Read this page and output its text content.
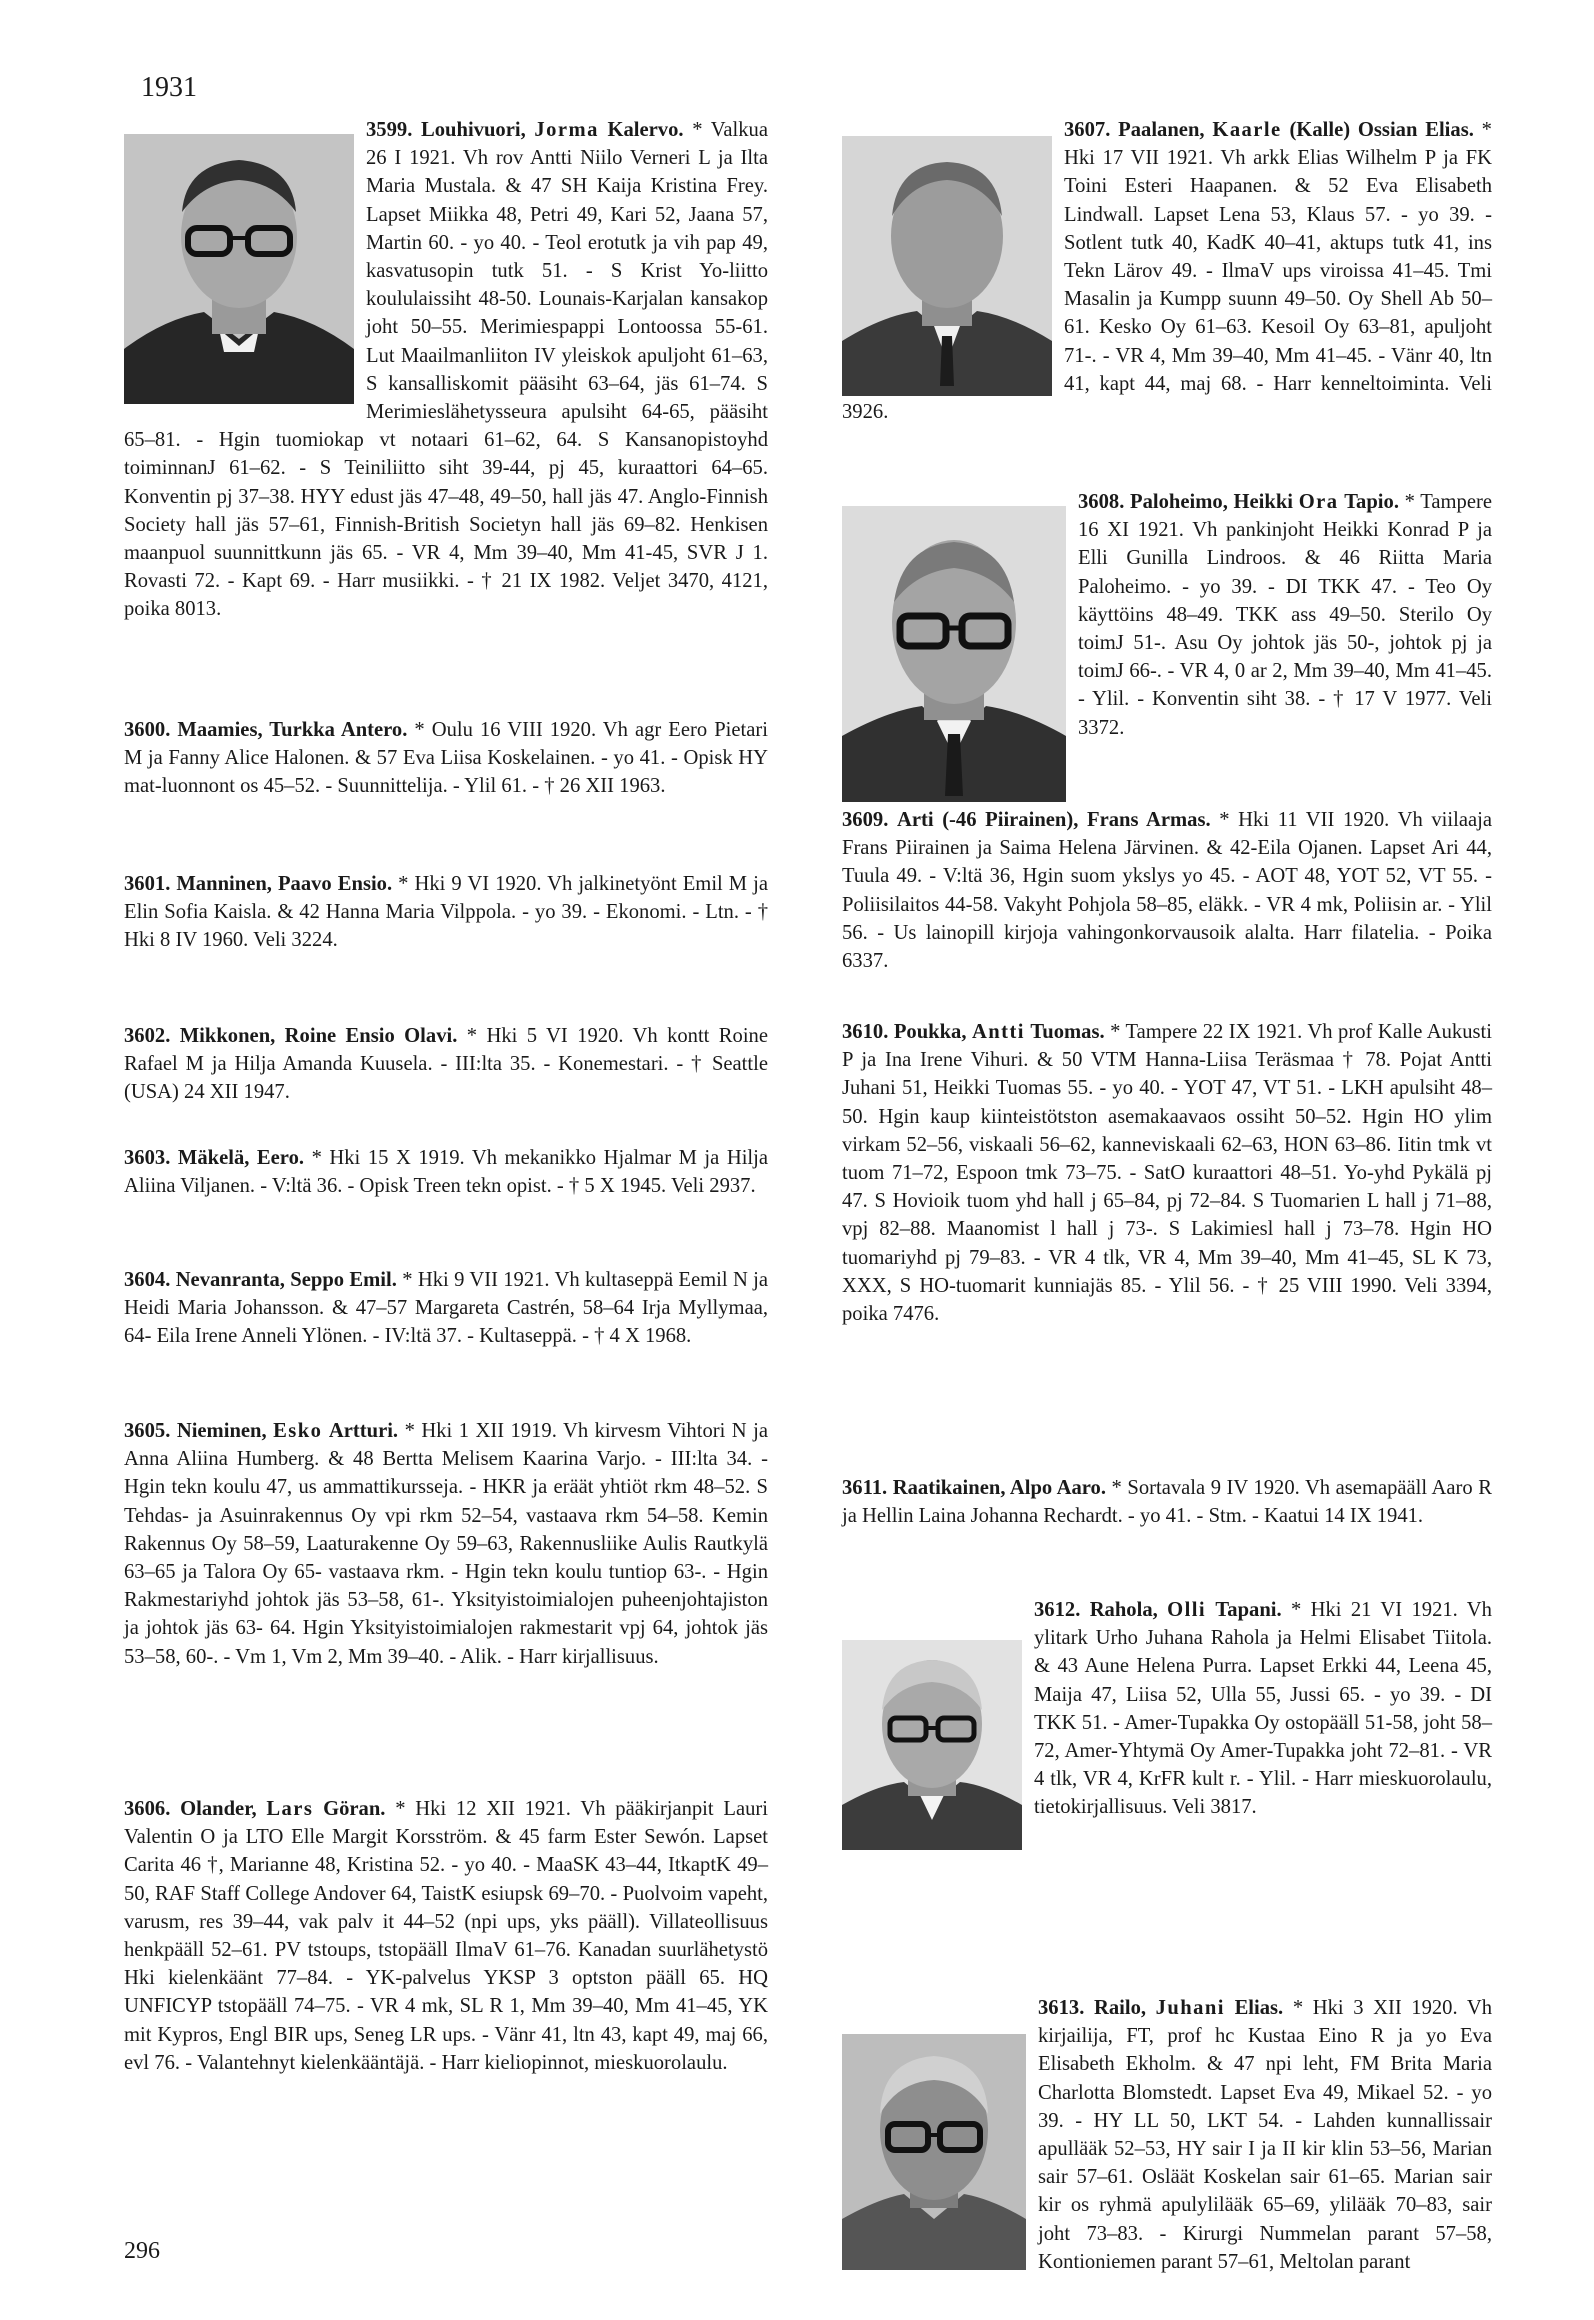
1931
3599. Louhivuori, Jorma Kalervo. * Valkua 26 I 1921. Vh rov Antti Niilo Verneri L ja Ilta Maria Mustala. & 47 SH Kaija Kristina Frey. Lapset Miikka 48, Petri 49, Kari 52, Jaana 57, Martin 60. - yo 40. - Teol erotutk ja vih pap 49, kasvatusopin tutk 51. - S Krist Yo-liitto koululaissiht 48-50. Lounais-Karjalan kansakop joht 50–55. Merimiespappi Lontoossa 55-61. Lut Maailmanliiton IV yleiskok apuljoht 61–63, S kansalliskomit pääsiht 63–64, jäs 61–74. S Merimieslähetysseura apulsiht 64-65, pääsiht 65–81. - Hgin tuomiokap vt notaari 61–62, 64. S Kansanopistoyhd toiminnanJ 61–62. - S Teiniliitto siht 39-44, pj 45, kuraattori 64–65. Konventin pj 37–38. HYY edust jäs 47–48, 49–50, hall jäs 47. Anglo-Finnish Society hall jäs 57–61, Finnish-British Societyn hall jäs 69–82. Henkisen maanpuol suunnittkunn jäs 65. - VR 4, Mm 39–40, Mm 41-45, SVR J 1. Rovasti 72. - Kapt 69. - Harr musiikki. - † 21 IX 1982. Veljet 3470, 4121, poika 8013.
3600. Maamies, Turkka Antero. * Oulu 16 VIII 1920. Vh agr Eero Pietari M ja Fanny Alice Halonen. & 57 Eva Liisa Koskelainen. - yo 41. - Opisk HY mat-luonnont os 45–52. - Suunnittelija. - Ylil 61. - † 26 XII 1963.
3601. Manninen, Paavo Ensio. * Hki 9 VI 1920. Vh jalkinetyönt Emil M ja Elin Sofia Kaisla. & 42 Hanna Maria Vilppola. - yo 39. - Ekonomi. - Ltn. - † Hki 8 IV 1960. Veli 3224.
3602. Mikkonen, Roine Ensio Olavi. * Hki 5 VI 1920. Vh kontt Roine Rafael M ja Hilja Amanda Kuusela. - III:lta 35. - Konemestari. - † Seattle (USA) 24 XII 1947.
3603. Mäkelä, Eero. * Hki 15 X 1919. Vh mekanikko Hjalmar M ja Hilja Aliina Viljanen. - V:ltä 36. - Opisk Treen tekn opist. - † 5 X 1945. Veli 2937.
3604. Nevanranta, Seppo Emil. * Hki 9 VII 1921. Vh kultaseppä Eemil N ja Heidi Maria Johansson. & 47–57 Margareta Castrén, 58–64 Irja Myllymaa, 64- Eila Irene Anneli Ylönen. - IV:ltä 37. - Kultaseppä. - † 4 X 1968.
3605. Nieminen, Esko Artturi. * Hki 1 XII 1919. Vh kirvesm Vihtori N ja Anna Aliina Humberg. & 48 Bertta Melisem Kaarina Varjo. - III:lta 34. - Hgin tekn koulu 47, us ammattikursseja. - HKR ja eräät yhtiöt rkm 48–52. S Tehdas- ja Asuinrakennus Oy vpi rkm 52–54, vastaava rkm 54–58. Kemin Rakennus Oy 58–59, Laaturakenne Oy 59–63, Rakennusliike Aulis Rautkylä 63–65 ja Talora Oy 65- vastaava rkm. - Hgin tekn koulu tuntiop 63-. - Hgin Rakmestariyhd johtok jäs 53–58, 61-. Yksityistoimialojen puheenjohtajiston ja johtok jäs 63- 64. Hgin Yksityistoimialojen rakmestarit vpj 64, johtok jäs 53–58, 60-. - Vm 1, Vm 2, Mm 39–40. - Alik. - Harr kirjallisuus.
3606. Olander, Lars Göran. * Hki 12 XII 1921. Vh pääkirjanpit Lauri Valentin O ja LTO Elle Margit Korsström. & 45 farm Ester Sewón. Lapset Carita 46 †, Marianne 48, Kristina 52. - yo 40. - MaaSK 43–44, ItkaptK 49–50, RAF Staff College Andover 64, TaistK esiupsk 69–70. - Puolvoim vapeht, varusm, res 39–44, vak palv it 44–52 (npi ups, yks pääll). Villateollisuus henkpääll 52–61. PV tstoups, tstopääll IlmaV 61–76. Kanadan suurlähetystö Hki kielenkäänt 77–84. - YK-palvelus YKSP 3 optston pääll 65. HQ UNFICYP tstopääll 74–75. - VR 4 mk, SL R 1, Mm 39–40, Mm 41–45, YK mit Kypros, Engl BIR ups, Seneg LR ups. - Vänr 41, ltn 43, kapt 49, maj 66, evl 76. - Valantehnyt kielenkääntäjä. - Harr kieliopinnot, mieskuorolaulu.
3607. Paalanen, Kaarle (Kalle) Ossian Elias. * Hki 17 VII 1921. Vh arkk Elias Wilhelm P ja FK Toini Esteri Haapanen. & 52 Eva Elisabeth Lindwall. Lapset Lena 53, Klaus 57. - yo 39. - Sotlent tutk 40, KadK 40–41, aktups tutk 41, ins Tekn Lärov 49. - IlmaV ups viroissa 41–45. Tmi Masalin ja Kumpp suunn 49–50. Oy Shell Ab 50–61. Kesko Oy 61–63. Kesoil Oy 63–81, apuljoht 71-. - VR 4, Mm 39–40, Mm 41–45. - Vänr 40, ltn 41, kapt 44, maj 68. - Harr kenneltoiminta. Veli 3926.
3608. Paloheimo, Heikki Ora Tapio. * Tampere 16 XI 1921. Vh pankinjoht Heikki Konrad P ja Elli Gunilla Lindroos. & 46 Riitta Maria Paloheimo. - yo 39. - DI TKK 47. - Teo Oy käyttöins 48–49. TKK ass 49–50. Sterilo Oy toimJ 51-. Asu Oy johtok jäs 50-, johtok pj ja toimJ 66-. - VR 4, 0 ar 2, Mm 39–40, Mm 41–45. - Ylil. - Konventin siht 38. - † 17 V 1977. Veli 3372.
3609. Arti (-46 Piirainen), Frans Armas. * Hki 11 VII 1920. Vh viilaaja Frans Piirainen ja Saima Helena Järvinen. & 42-Eila Ojanen. Lapset Ari 44, Tuula 49. - V:ltä 36, Hgin suom ykslys yo 45. - AOT 48, YOT 52, VT 55. - Poliisilaitos 44-58. Vakyht Pohjola 58–85, eläkk. - VR 4 mk, Poliisin ar. - Ylil 56. - Us lainopill kirjoja vahingonkorvausoik alalta. Harr filatelia. - Poika 6337.
3610. Poukka, Antti Tuomas. * Tampere 22 IX 1921. Vh prof Kalle Aukusti P ja Ina Irene Vihuri. & 50 VTM Hanna-Liisa Teräsmaa † 78. Pojat Antti Juhani 51, Heikki Tuomas 55. - yo 40. - YOT 47, VT 51. - LKH apulsiht 48–50. Hgin kaup kiinteistötston asemakaavaos ossiht 50–52. Hgin HO ylim virkam 52–56, viskaali 56–62, kanneviskaali 62–63, HON 63–86. Iitin tmk vt tuom 71–72, Espoon tmk 73–75. - SatO kuraattori 48–51. Yo-yhd Pykälä pj 47. S Hovioik tuom yhd hall j 65–84, pj 72–84. S Tuomarien L hall j 71–88, vpj 82–88. Maanomist l hall j 73-. S Lakimiesl hall j 73–78. Hgin HO tuomariyhd pj 79–83. - VR 4 tlk, VR 4, Mm 39–40, Mm 41–45, SL K 73, XXX, S HO-tuomarit kunniajäs 85. - Ylil 56. - † 25 VIII 1990. Veli 3394, poika 7476.
3611. Raatikainen, Alpo Aaro. * Sortavala 9 IV 1920. Vh asemapääll Aaro R ja Hellin Laina Johanna Rechardt. - yo 41. - Stm. - Kaatui 14 IX 1941.
3612. Rahola, Olli Tapani. * Hki 21 VI 1921. Vh ylitark Urho Juhana Rahola ja Helmi Elisabet Tiitola. & 43 Aune Helena Purra. Lapset Erkki 44, Leena 45, Maija 47, Liisa 52, Ulla 55, Jussi 65. - yo 39. - DI TKK 51. - Amer-Tupakka Oy ostopääll 51-58, joht 58–72, Amer-Yhtymä Oy Amer-Tupakka joht 72–81. - VR 4 tlk, VR 4, KrFR kult r. - Ylil. - Harr mieskuorolaulu, tietokirjallisuus. Veli 3817.
3613. Railo, Juhani Elias. * Hki 3 XII 1920. Vh kirjailija, FT, prof hc Kustaa Eino R ja yo Eva Elisabeth Ekholm. & 47 npi leht, FM Brita Maria Charlotta Blomstedt. Lapset Eva 49, Mikael 52. - yo 39. - HY LL 50, LKT 54. - Lahden kunnallissair apullääk 52–53, HY sair I ja II kir klin 53–56, Marian sair 57–61. Osläät Koskelan sair 61–65. Marian sair kir os ryhmä apulylilääk 65–69, ylilääk 70–83, sair joht 73–83. - Kirurgi Nummelan parant 57–58, Kontioniemen parant 57–61, Meltolan parant
296
